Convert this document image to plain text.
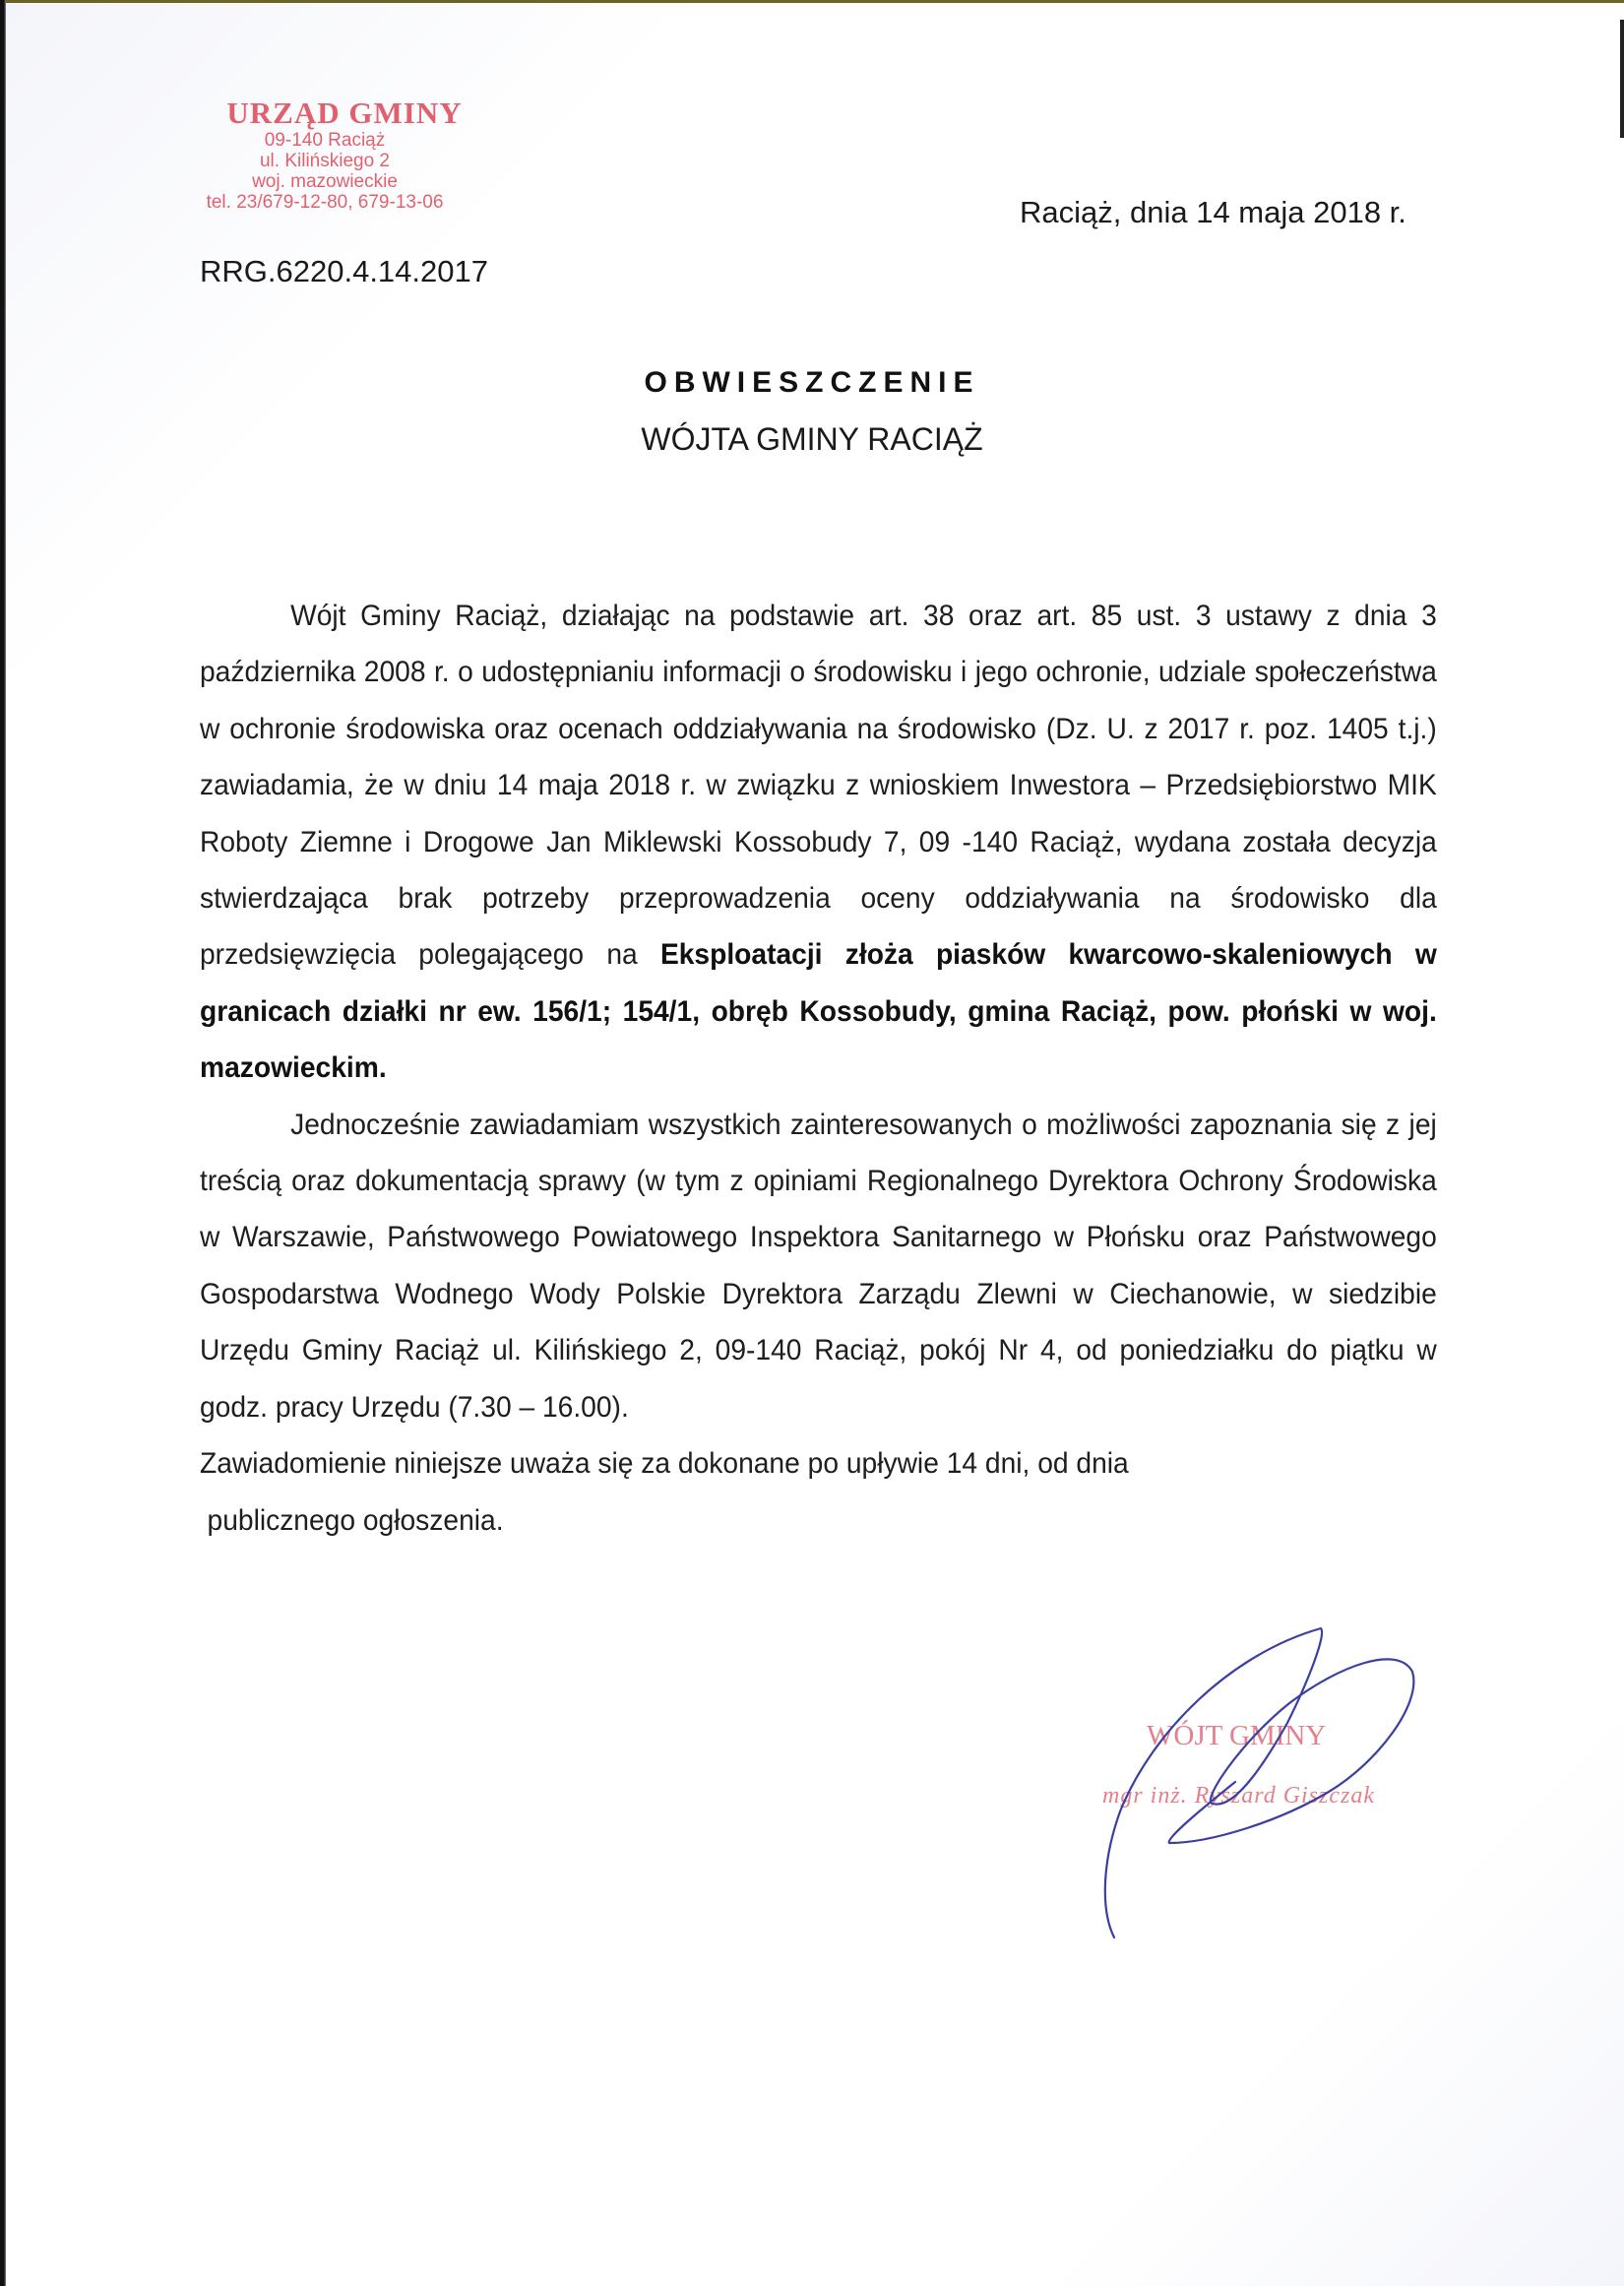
URZĄD GMINY
09-140 Raciąż
ul. Kilińskiego 2
woj. mazowieckie
tel. 23/679-12-80, 679-13-06	Raciąż, dnia 14 maja 2018 r.
RRG.6220.4.14.2017
OBWIESZCZENIE
WÓJTA GMINY RACIĄŻ

Wójt Gminy Raciąż, działając na podstawie art. 38 oraz art. 85 ust. 3 ustawy z dnia 3 października 2008 r. o udostępnianiu informacji o środowisku i jego ochronie, udziale społeczeństwa w ochronie środowiska oraz ocenach oddziaływania na środowisko (Dz. U. z 2017 r. poz. 1405 t.j.) zawiadamia, że w dniu 14 maja 2018 r. w związku z wnioskiem Inwestora – Przedsiębiorstwo MIK Roboty Ziemne i Drogowe Jan Miklewski Kossobudy 7, 09 -140 Raciąż, wydana została decyzja stwierdzająca brak potrzeby przeprowadzenia oceny oddziaływania na środowisko dla przedsięwzięcia polegającego na Eksploatacji złoża piasków kwarcowo-skaleniowych w granicach działki nr ew. 156/1; 154/1, obręb Kossobudy, gmina Raciąż, pow. płoński w woj. mazowieckim.

Jednocześnie zawiadamiam wszystkich zainteresowanych o możliwości zapoznania się z jej treścią oraz dokumentacją sprawy (w tym z opiniami Regionalnego Dyrektora Ochrony Środowiska w Warszawie, Państwowego Powiatowego Inspektora Sanitarnego w Płońsku oraz Państwowego Gospodarstwa Wodnego Wody Polskie Dyrektora Zarządu Zlewni w Ciechanowie, w siedzibie Urzędu Gminy Raciąż ul. Kilińskiego 2, 09-140 Raciąż, pokój Nr 4, od poniedziałku do piątku w godz. pracy Urzędu (7.30 – 16.00).

Zawiadomienie niniejsze uważa się za dokonane po upływie 14 dni, od dnia

publicznego ogłoszenia.

WÓJT GMINY
mgr inż. Ryszard Giszczak
